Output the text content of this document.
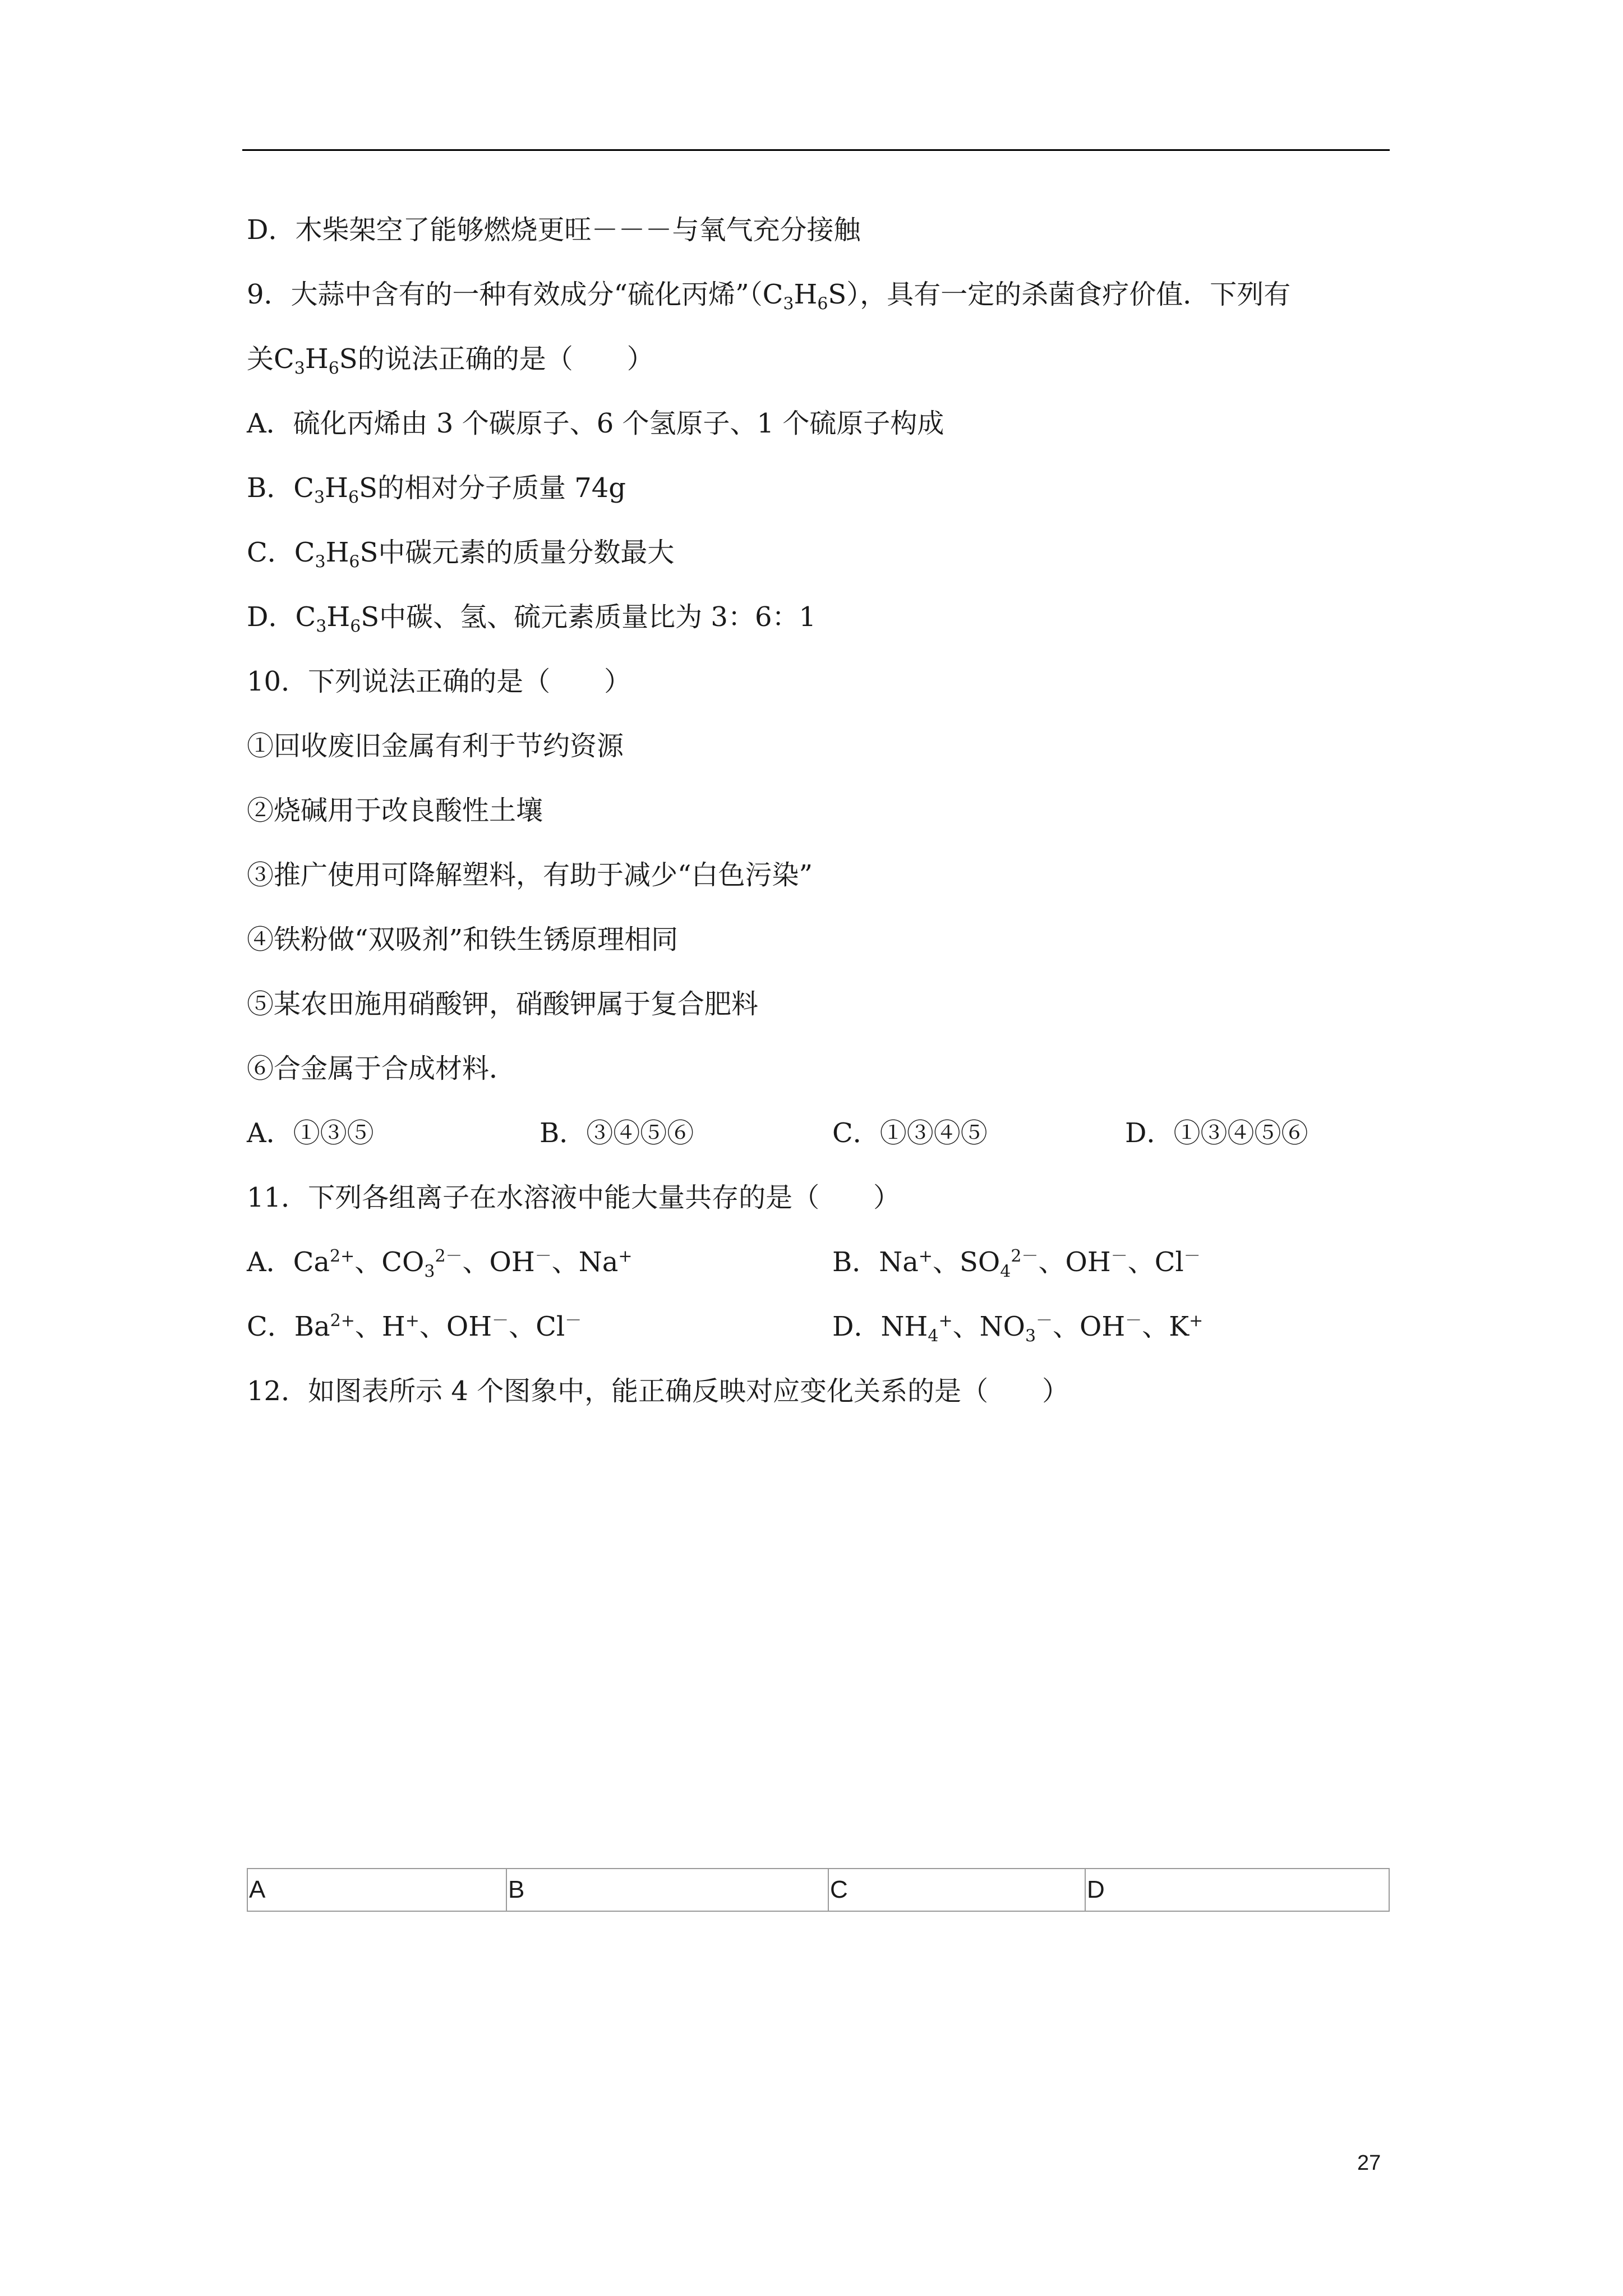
D．木柴架空了能够燃烧更旺－－－与氧气充分接触
9．大蒜中含有的一种有效成分“硫化丙烯$”(C_3H_6S)$，具有一定的杀菌食疗价值．下列有
关$C_3H_6S$的说法正确的是（　　）
A．硫化丙烯由 3 个碳原子、6 个氢原子、1 个硫原子构成
B．$C_3H_6S$的相对分子质量 74g
C．$C_3H_6S$中碳元素的质量分数最大
D．$C_3H_6S$中碳、氢、硫元素质量比为 3：6：1
10．下列说法正确的是（　　）
①回收废旧金属有利于节约资源
②烧碱用于改良酸性土壤
③推广使用可降解塑料，有助于减少“白色污染”
④铁粉做“双吸剂”和铁生锈原理相同
⑤某农田施用硝酸钾，硝酸钾属于复合肥料
⑥合金属于合成材料．
A．①③⑤	B．③④⑤⑥	C．①③④⑤	D．①③④⑤⑥
11．下列各组离子在水溶液中能大量共存的是（　　）
A．$Ca^{2+}$、$CO_3^{2-}$、OH－、Na+	B．Na+、$SO_4^{2-}$、OH－、Cl－
C．$Ba^{2+}$、H+、OH－、Cl－	D．$NH_4^+$、$NO_3^-$、OH－、K+
12．如图表所示 4 个图象中，能正确反映对应变化关系的是（　　）
A	B	C	D
27
